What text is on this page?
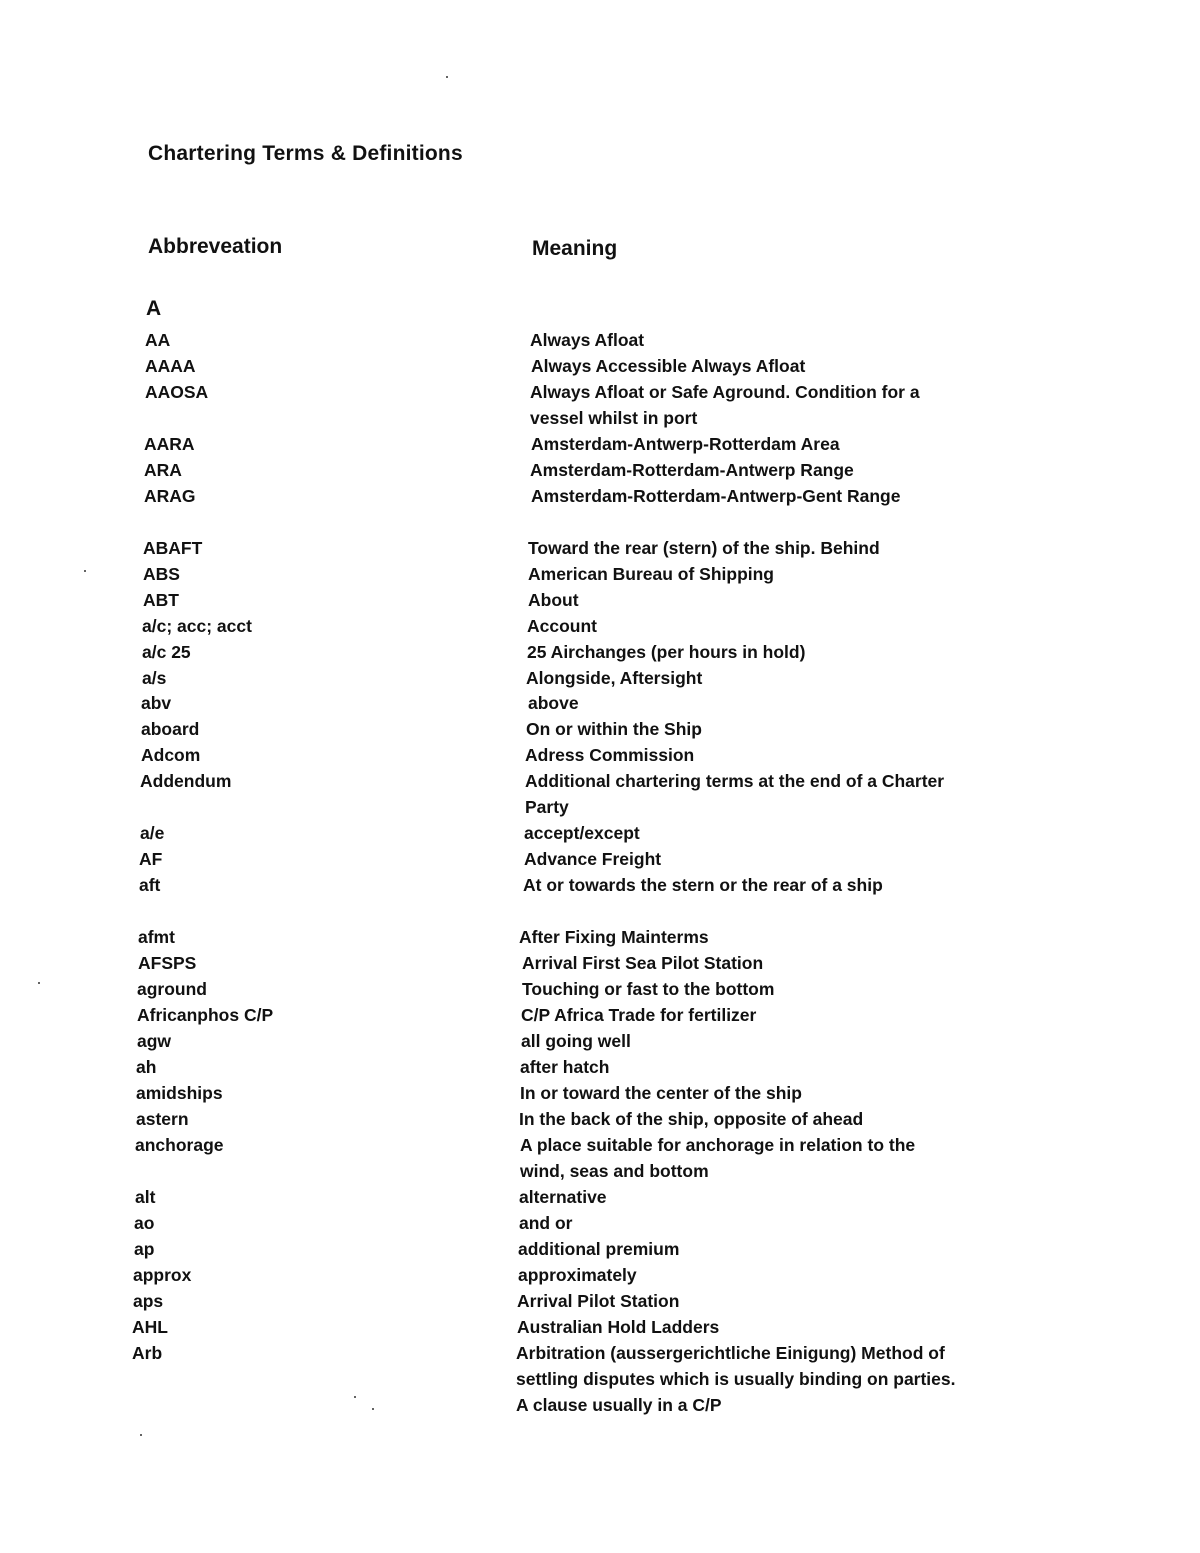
Chartering Terms & Definitions
Abbreveation	Meaning
A
AA	Always Afloat
AAAA	Always Accessible Always Afloat
AAOSA	Always Afloat or Safe Aground. Condition for a vessel whilst in port
AARA	Amsterdam-Antwerp-Rotterdam Area
ARA	Amsterdam-Rotterdam-Antwerp Range
ARAG	Amsterdam-Rotterdam-Antwerp-Gent Range
ABAFT	Toward the rear (stern) of the ship. Behind
ABS	American Bureau of Shipping
ABT	About
a/c; acc; acct	Account
a/c 25	25 Airchanges (per hours in hold)
a/s	Alongside, Aftersight
abv	above
aboard	On or within the Ship
Adcom	Adress Commission
Addendum	Additional chartering terms at the end of a Charter Party
a/e	accept/except
AF	Advance Freight
aft	At or towards the stern or the rear of a ship
afmt	After Fixing Mainterms
AFSPS	Arrival First Sea Pilot Station
aground	Touching or fast to the bottom
Africanphos C/P	C/P Africa Trade for fertilizer
agw	all going well
ah	after hatch
amidships	In or toward the center of the ship
astern	In the back of the ship, opposite of ahead
anchorage	A place suitable for anchorage in relation to the wind, seas and bottom
alt	alternative
ao	and or
ap	additional premium
approx	approximately
aps	Arrival Pilot Station
AHL	Australian Hold Ladders
Arb	Arbitration (aussergerichtliche Einigung) Method of settling disputes which is usually binding on parties. A clause usually in a C/P
